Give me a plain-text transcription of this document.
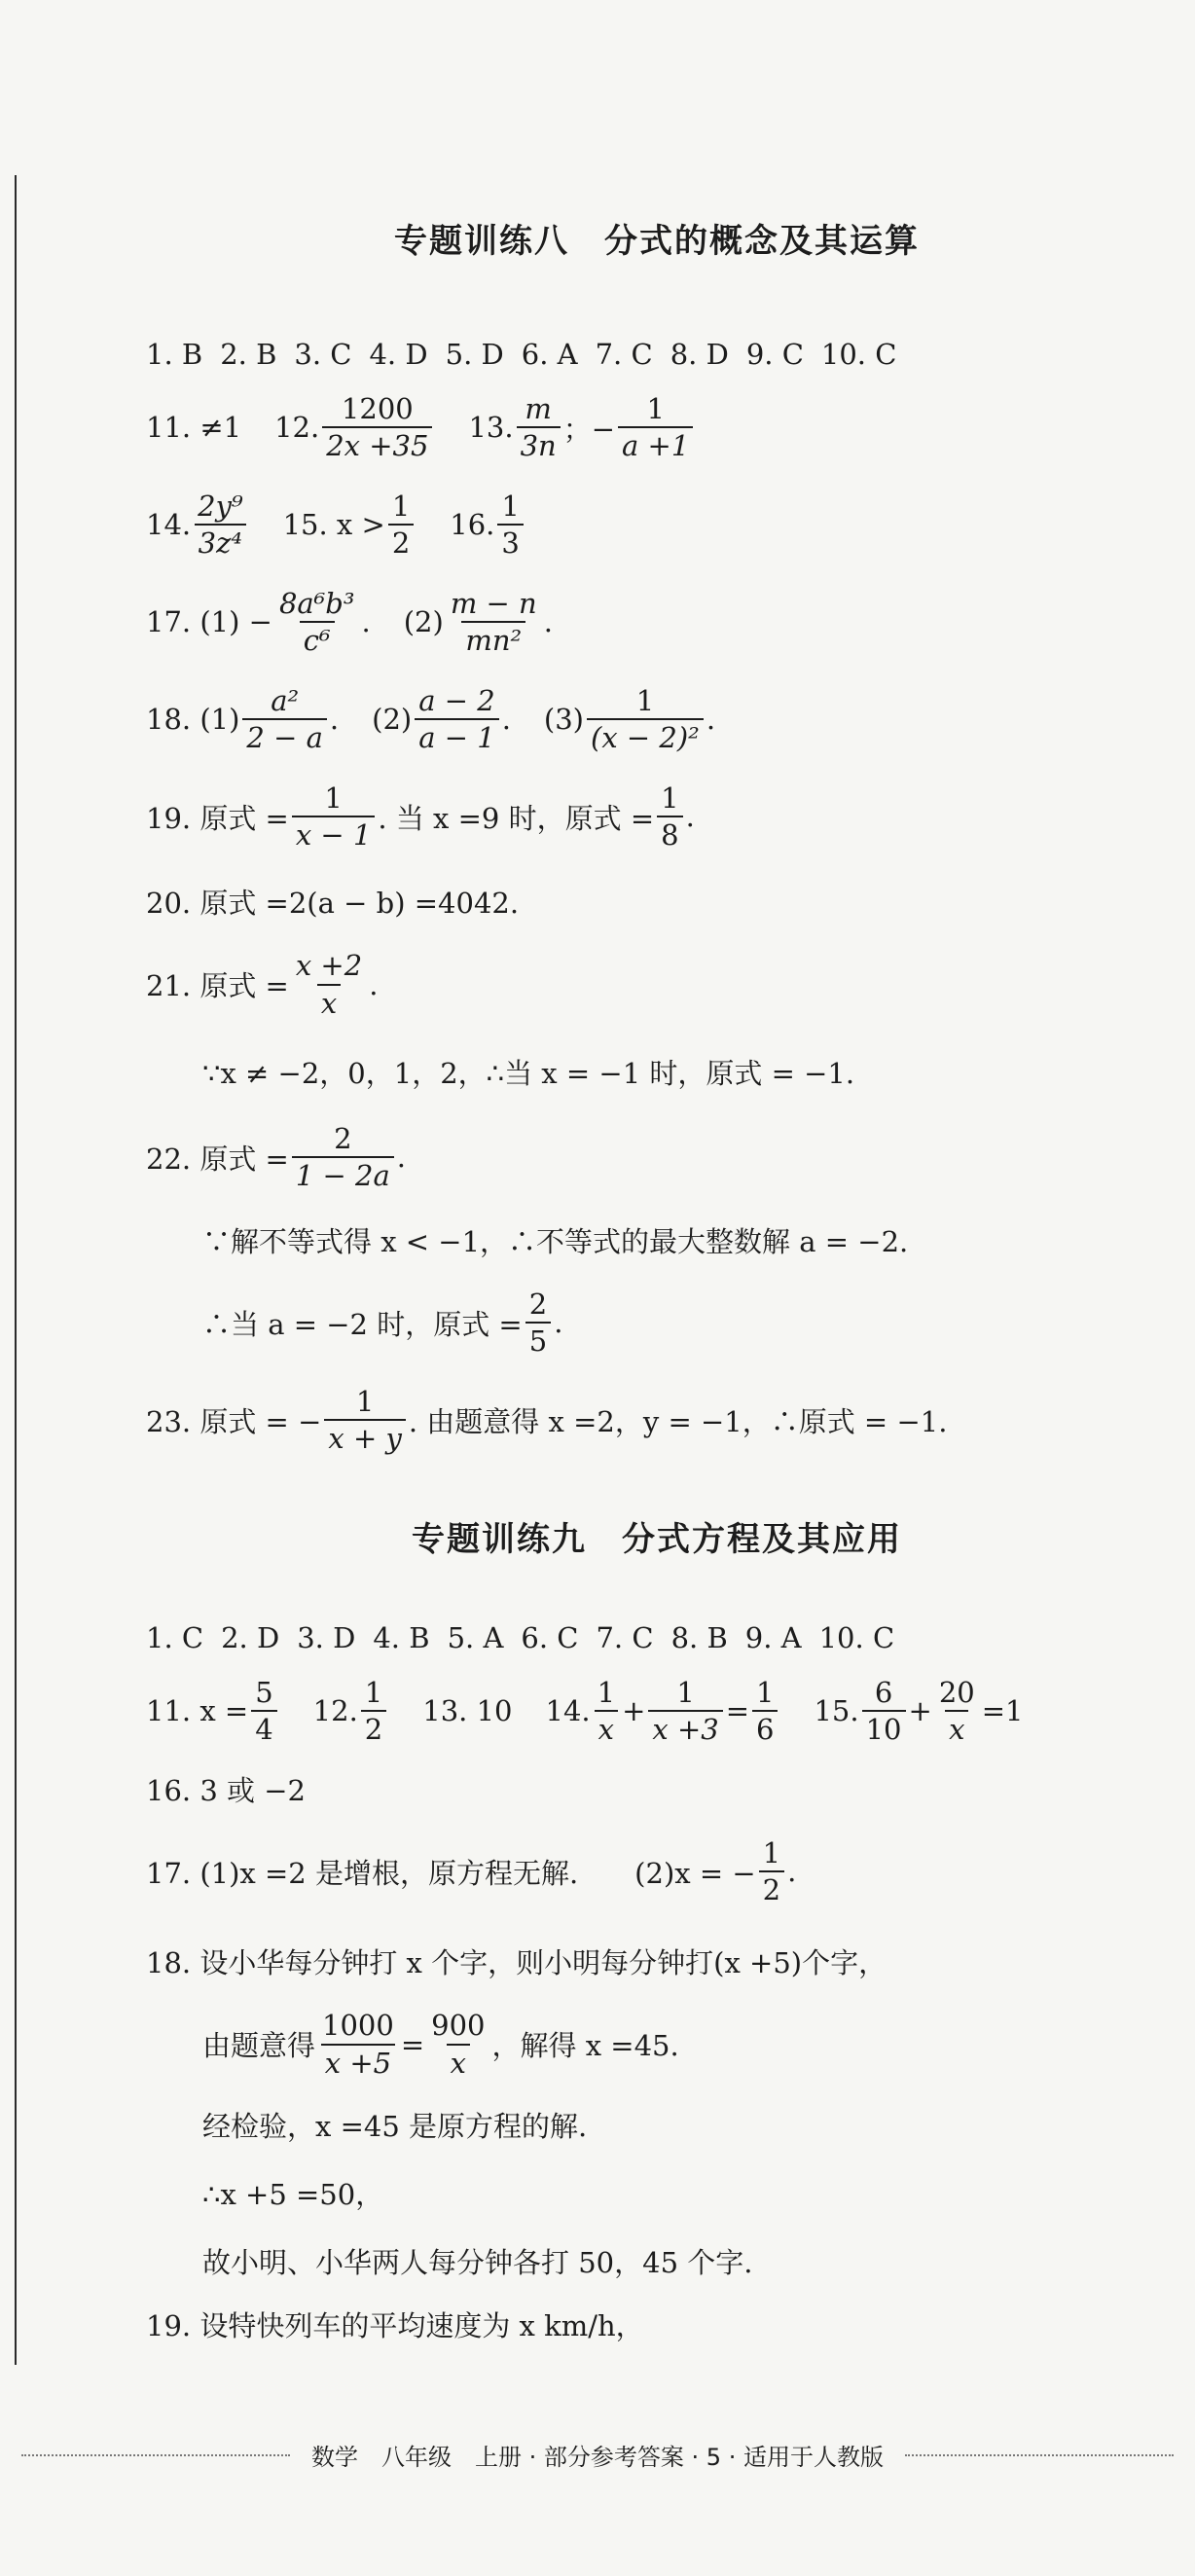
专题训练八　分式的概念及其运算
1. B 2. B 3. C 4. D 5. D 6. A 7. C 8. D 9. C 10. C
11. ≠1 12. $\frac{1200}{2x +35} 13$. $\frac{m}{3n}$ ；− $\frac{1}{a +1}$
14. $\frac{\text{2y⁹}}{\text{3z⁴}} 15$. $x > \frac{1}{2} 16$. $\frac{1}{3}$
17. $(1) - \frac{\text{8a⁶b³}}{\text{c⁶}}$ . $(2) \frac{m - n}{\text{mn²}}$ .
18. $(1) \frac{\text{a²}}{2 - a}$ . $(2) \frac{a - 2}{a - 1}$ . $(3) \frac{1}{\text{(x − 2)²}}$ .
19. 原式 = $\frac{1}{x - 1}$ . 当 x =9 时，原式 = $\frac{1}{8}$ .
20. 原式 =2(a − b) =4042.
21. 原式 = $\frac{x +2}{x}$ .
∵x ≠ −2，0，1，2，∴当 x = −1 时，原式 = −1.
22. 原式 = $\frac{2}{1 - 2a}$ .
∵解不等式得 x < −1，∴不等式的最大整数解 a = −2.
∴当 a = −2 时，原式 = $\frac{2}{5}$ .
23. 原式 = − $\frac{1}{x + y}$ . 由题意得 x =2，y = −1，∴原式 = −1.
专题训练九　分式方程及其应用
1. C 2. D 3. D 4. B 5. A 6. C 7. C 8. B 9. A 10. C
11. $x = \frac{5}{4} 12$. $\frac{1}{2} 13$. 10 14. $\frac{1}{x} + \frac{1}{x +3} = \frac{1}{6} 15$. $\frac{6}{10} + \frac{20}{x} =1$
16. 3 或 −2
17. (1)x =2 是增根，原方程无解.　　(2)x = − $\frac{1}{2}$ .
18. 设小华每分钟打 x 个字，则小明每分钟打(x +5)个字，
由题意得 $\frac{1000}{x +5} = \frac{900}{x}$ ，解得 x =45.
经检验，x =45 是原方程的解.
∴x +5 =50，
故小明、小华两人每分钟各打 50，45 个字.
19. 设特快列车的平均速度为 x km/h，
数学　八年级　上册 · 部分参考答案 · 5 · 适用于人教版
